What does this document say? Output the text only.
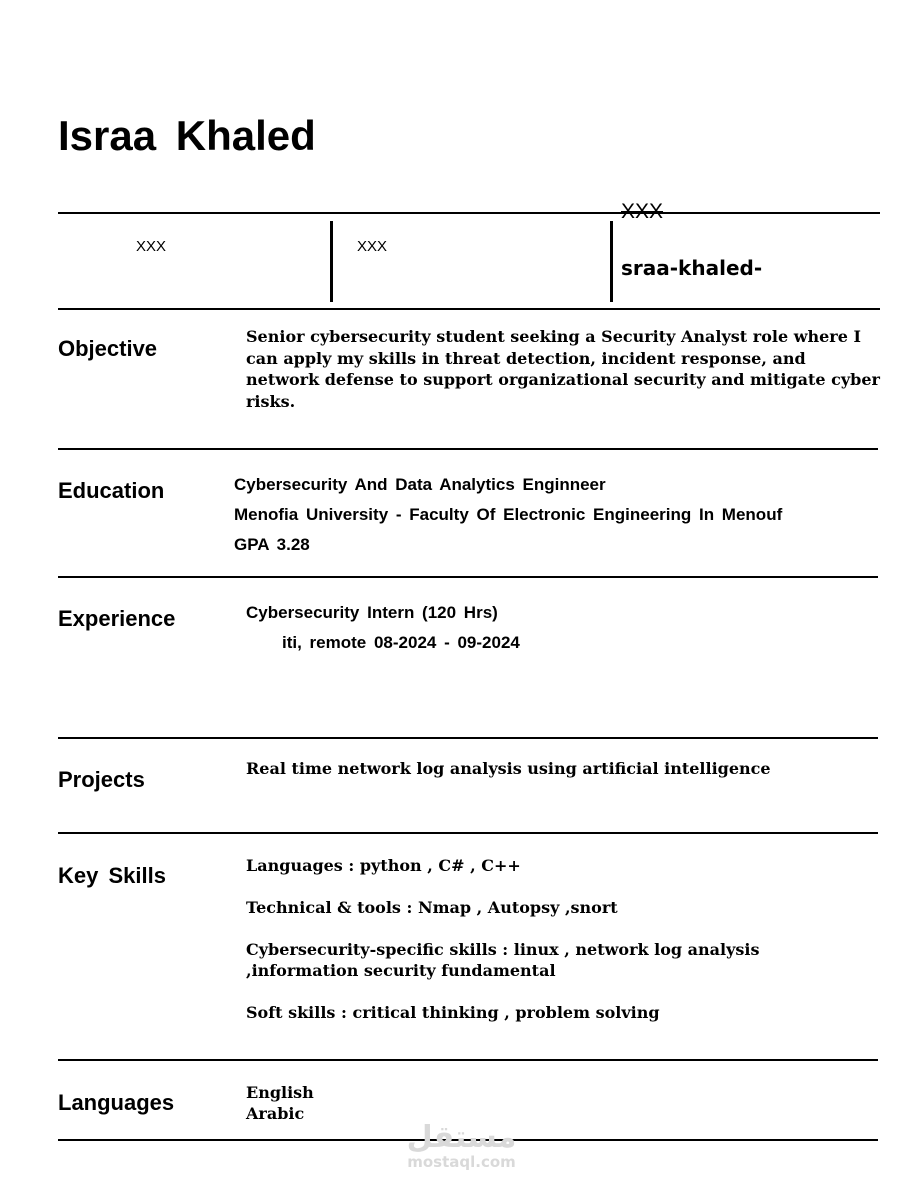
Israa Khaled
XXX	XXX
XXX
sraa-khaled-
Objective	Senior cybersecurity student seeking a Security Analyst role where I can apply my skills in threat detection, incident response, and network defense to support organizational security and mitigate cyber risks.
Education	Cybersecurity And Data Analytics Enginneer
Menofia University - Faculty Of Electronic Engineering In Menouf
GPA 3.28
Experience	Cybersecurity Intern (120 Hrs)
iti, remote 08-2024 - 09-2024
Projects	Real time network log analysis using artificial intelligence
Key Skills	Languages : python , C# , C++

Technical & tools : Nmap , Autopsy ,snort

Cybersecurity-specific skills : linux , network log analysis ,information security fundamental

Soft skills : critical thinking , problem solving

Languages	English
Arabic
مستقل
mostaql.com
